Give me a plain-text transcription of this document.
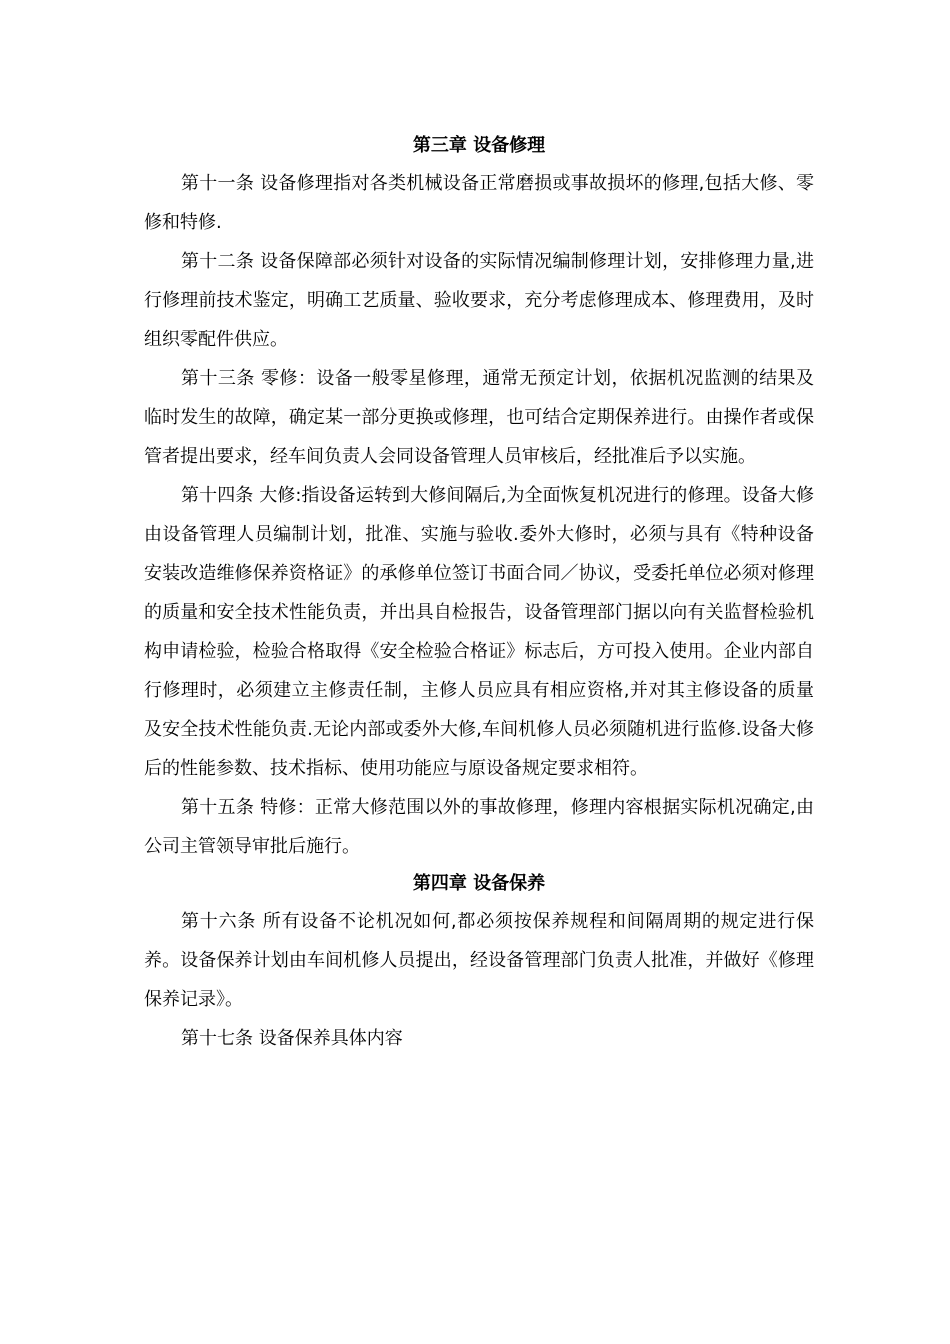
第三章 设备修理

第十一条 设备修理指对各类机械设备正常磨损或事故损坏的修理,包括大修、零修和特修.

第十二条 设备保障部必须针对设备的实际情况编制修理计划，安排修理力量,进行修理前技术鉴定，明确工艺质量、验收要求，充分考虑修理成本、修理费用，及时组织零配件供应。

第十三条 零修：设备一般零星修理，通常无预定计划，依据机况监测的结果及临时发生的故障，确定某一部分更换或修理，也可结合定期保养进行。由操作者或保管者提出要求，经车间负责人会同设备管理人员审核后，经批准后予以实施。

第十四条 大修:指设备运转到大修间隔后,为全面恢复机况进行的修理。设备大修由设备管理人员编制计划，批准、实施与验收.委外大修时，必须与具有《特种设备安装改造维修保养资格证》的承修单位签订书面合同／协议，受委托单位必须对修理的质量和安全技术性能负责，并出具自检报告，设备管理部门据以向有关监督检验机构申请检验，检验合格取得《安全检验合格证》标志后，方可投入使用。企业内部自行修理时，必须建立主修责任制，主修人员应具有相应资格,并对其主修设备的质量及安全技术性能负责.无论内部或委外大修,车间机修人员必须随机进行监修.设备大修后的性能参数、技术指标、使用功能应与原设备规定要求相符。

第十五条 特修：正常大修范围以外的事故修理，修理内容根据实际机况确定,由公司主管领导审批后施行。

第四章 设备保养

第十六条 所有设备不论机况如何,都必须按保养规程和间隔周期的规定进行保养。设备保养计划由车间机修人员提出，经设备管理部门负责人批准，并做好《修理保养记录》。

第十七条 设备保养具体内容
